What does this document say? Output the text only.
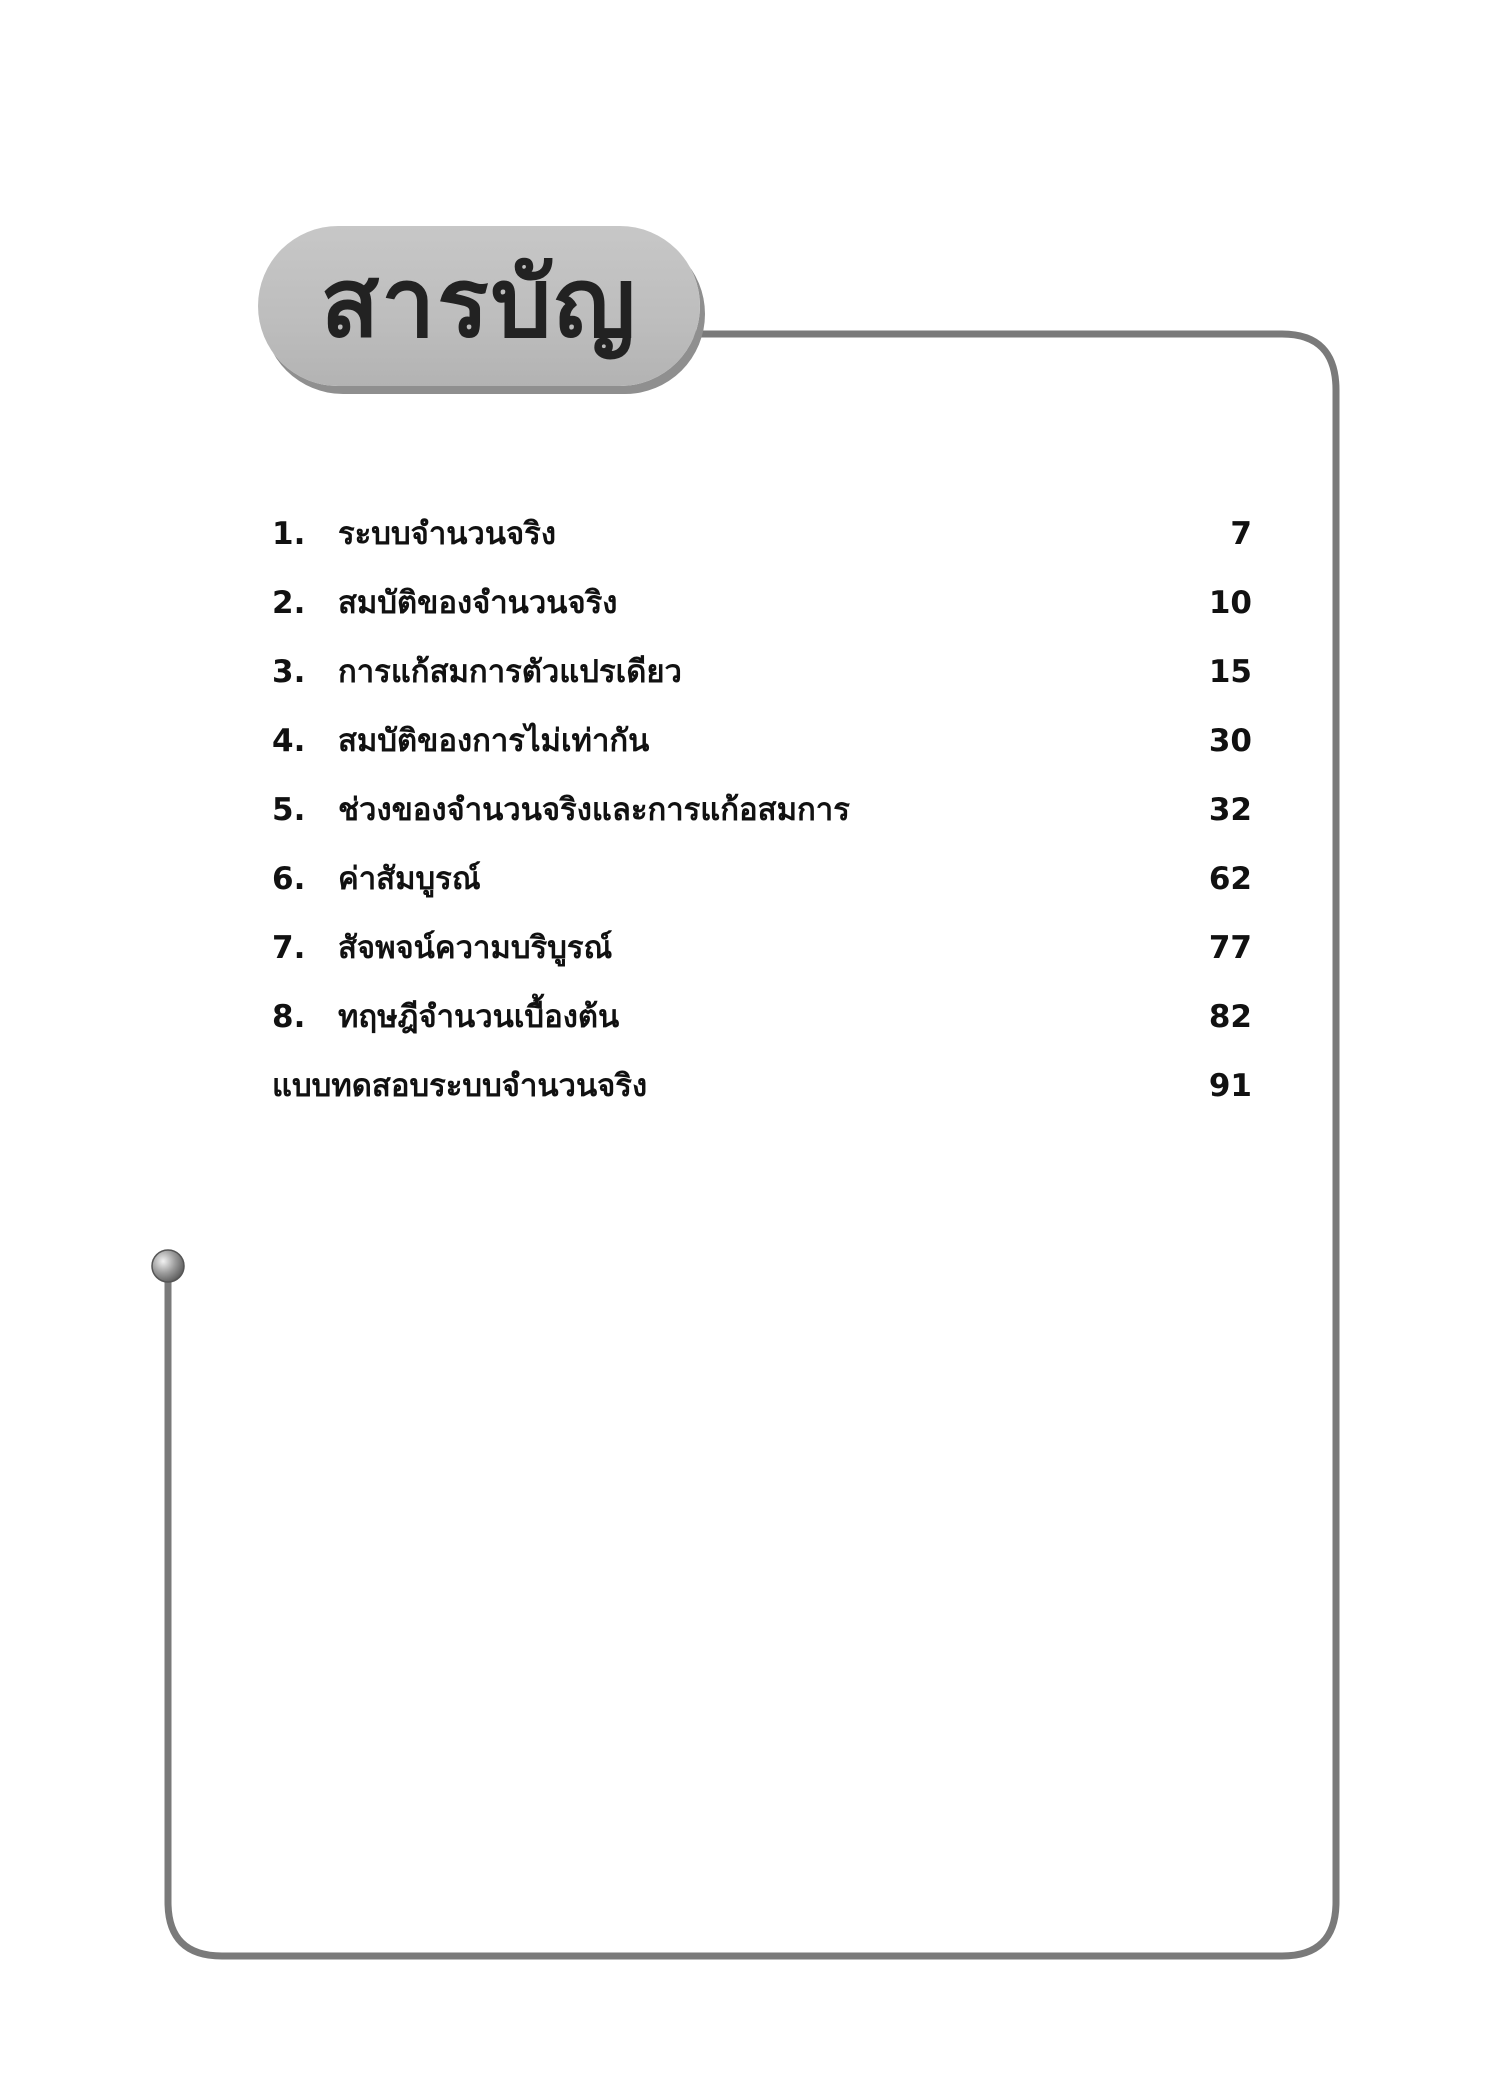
สารบัญ
1. ระบบจำนวนจริง	7
2. สมบัติของจำนวนจริง	10
3. การแก้สมการตัวแปรเดียว	15
4. สมบัติของการไม่เท่ากัน	30
5. ช่วงของจำนวนจริงและการแก้อสมการ	32
6. ค่าสัมบูรณ์	62
7. สัจพจน์ความบริบูรณ์	77
8. ทฤษฎีจำนวนเบื้องต้น	82
แบบทดสอบระบบจำนวนจริง	91
